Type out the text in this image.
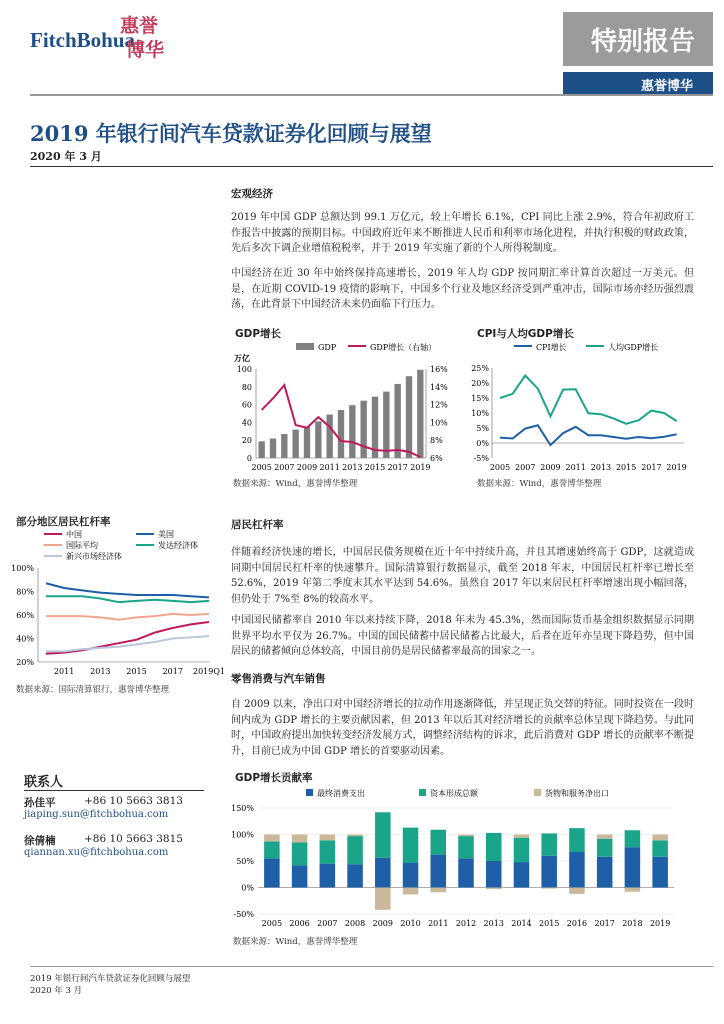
FitchBohua
惠誉
博华	特别报告
惠誉博华
2019 年银行间汽车贷款证券化回顾与展望
2020 年 3 月
宏观经济
2019 年中国 GDP 总额达到 99.1 万亿元，较上年增长 6.1%，CPI 同比上涨 2.9%，符合年初政府工作报告中披露的预期目标。中国政府近年来不断推进人民币和利率市场化进程，并执行积极的财政政策，先后多次下调企业增值税税率，并于 2019 年实施了新的个人所得税制度。
中国经济在近 30 年中始终保持高速增长，2019 年人均 GDP 按同期汇率计算首次超过一万美元。但是，在近期 COVID-19 疫情的影响下，中国多个行业及地区经济受到严重冲击，国际市场亦经历强烈震荡，在此背景下中国经济未来仍面临下行压力。
GDP增长
GDP	GDP增长（右轴）
万亿
0
20
40
60
80
100
6%
8%
10%
12%
14%
16%
2005 2007 2009 2011 2013 2015 2017 2019
数据来源：Wind，惠誉博华整理
CPI与人均GDP增长
CPI增长	人均GDP增长
-5%
0%
5%
10%
15%
20%
25%
2005 2007 2009 2011 2013 2015 2017 2019
数据来源：Wind，惠誉博华整理
部分地区居民杠杆率
中国	美国
国际平均	发达经济体
新兴市场经济体
20%
40%
60%
80%
100%
2011 2013 2015 2017 2019Q1
数据来源：国际清算银行，惠誉博华整理
居民杠杆率
伴随着经济快速的增长，中国居民债务规模在近十年中持续升高，并且其增速始终高于 GDP，这就造成同期中国居民杠杆率的快速攀升。国际清算银行数据显示，截至 2018 年末，中国居民杠杆率已增长至 52.6%，2019 年第二季度末其水平达到 54.6%。虽然自 2017 年以来居民杠杆率增速出现小幅回落，但仍处于 7%至 8%的较高水平。
中国国民储蓄率自 2010 年以来持续下降，2018 年末为 45.3%，然而国际货币基金组织数据显示同期世界平均水平仅为 26.7%。中国的国民储蓄中居民储蓄占比最大，后者在近年亦呈现下降趋势，但中国居民的储蓄倾向总体较高，中国目前仍是居民储蓄率最高的国家之一。
零售消费与汽车销售
自 2009 以来，净出口对中国经济增长的拉动作用逐渐降低，并呈现正负交替的特征。同时投资在一段时间内成为 GDP 增长的主要贡献因素，但 2013 年以后其对经济增长的贡献率总体呈现下降趋势。与此同时，中国政府提出加快转变经济发展方式，调整经济结构的诉求，此后消费对 GDP 增长的贡献率不断提升，目前已成为中国 GDP 增长的首要驱动因素。
GDP增长贡献率
最终消费支出	资本形成总额	货物和服务净出口
-50%
0%
50%
100%
150%
2005 2006 2007 2008 2009 2010 2011 2012 2013 2014 2015 2016 2017 2018 2019
数据来源：Wind，惠誉博华整理
联系人
孙佳平	+86 10 5663 3813
jiaping.sun@fitchbohua.com
徐倩楠	+86 10 5663 3815
qiannan.xu@fitchbohua.com
2019 年银行间汽车贷款证券化回顾与展望
2020 年 3 月
